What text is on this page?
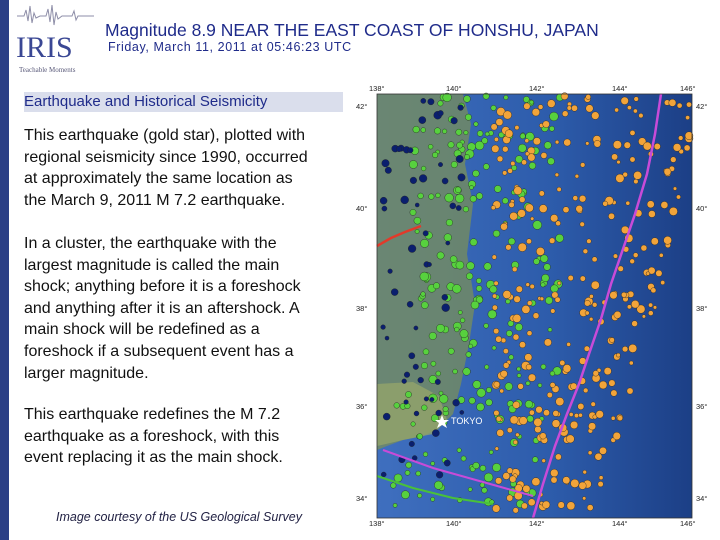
IRIS
Teachable Moments
Magnitude 8.9 NEAR THE EAST COAST OF HONSHU, JAPAN
Friday, March 11, 2011 at 05:46:23 UTC
Earthquake and Historical Seismicity
This earthquake (gold star), plotted with
regional seismicity since 1990, occurred
at approximately the same location as
the March 9, 2011 M 7.2 earthquake.
In a cluster, the earthquake with the
largest magnitude is called the main
shock; anything before it is a foreshock
and anything after it is an aftershock. A
main shock will be redefined as a
foreshock if a subsequent event has a
larger magnitude.
This earthquake redefines the M 7.2
earthquake as a foreshock, with this
event replacing it as the main shock.
Image courtesy of the US Geological Survey
TOKYO
138°	140°	142°	144°	146°
138°	140°	142°	144°	146°
42°
40°
38°
36°
34°
42°
40°
38°
36°
34°
